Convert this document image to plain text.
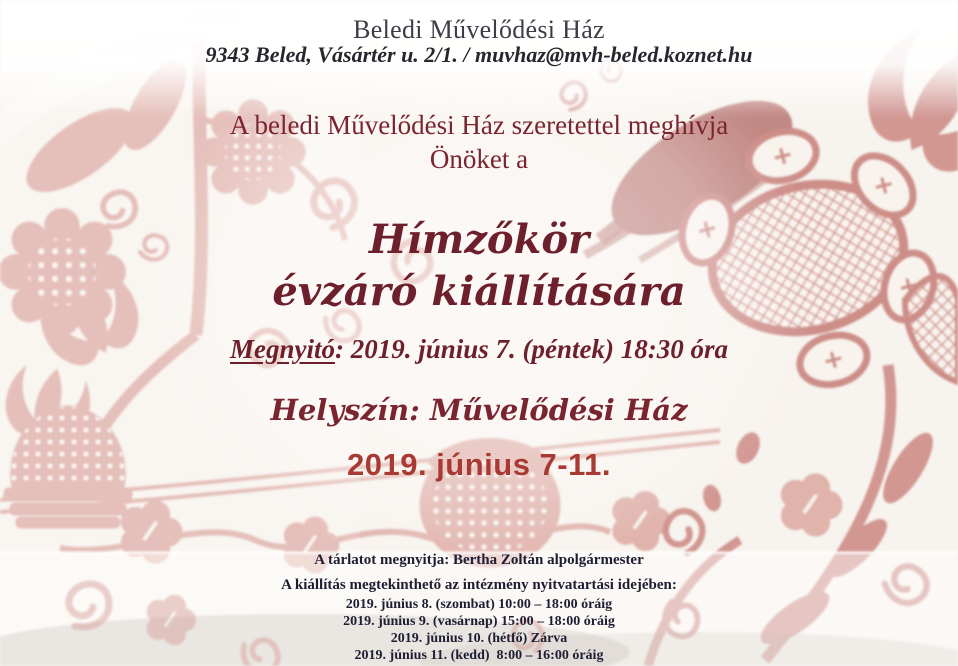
Beledi Művelődési Ház
9343 Beled, Vásártér u. 2/1. / muvhaz@mvh-beled.koznet.hu
A beledi Művelődési Ház szeretettel meghívja
Önöket a
Hímzőkör
évzáró kiállítására
Megnyitó: 2019. június 7. (péntek) 18:30 óra
Helyszín: Művelődési Ház
2019. június 7-11.
A tárlatot megnyitja: Bertha Zoltán alpolgármester
A kiállítás megtekinthető az intézmény nyitvatartási idejében:
2019. június 8. (szombat) 10:00 – 18:00 óráig
2019. június 9. (vasárnap) 15:00 – 18:00 óráig
2019. június 10. (hétfő) Zárva
2019. június 11. (kedd)  8:00 – 16:00 óráig
